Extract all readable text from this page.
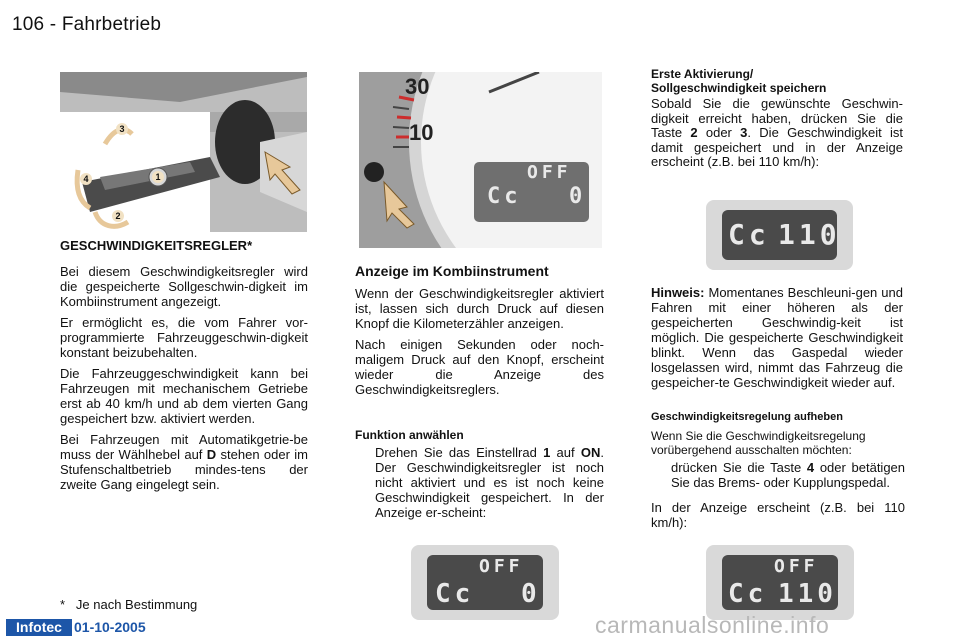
106 - Fahrbetrieb
3
4	1
2
GESCHWINDIGKEITSREGLER*

Bei diesem Geschwindigkeitsregler wird die gespeicherte Sollgeschwin-digkeit im Kombiinstrument angezeigt.

Er ermöglicht es, die vom Fahrer vor-programmierte Fahrzeuggeschwin-digkeit konstant beizubehalten.

Die Fahrzeuggeschwindigkeit kann bei Fahrzeugen mit mechanischem Getriebe erst ab 40 km/h und ab dem vierten Gang gespeichert bzw. aktiviert werden.

Bei Fahrzeugen mit Automatikgetrie-be muss der Wählhebel auf D stehen oder im Stufenschaltbetrieb mindes-tens der zweite Gang eingelegt sein.

*   Je nach Bestimmung
30
10
OFF
Cc 0
Anzeige im Kombiinstrument

Wenn der Geschwindigkeitsregler aktiviert ist, lassen sich durch Druck auf diesen Knopf die Kilometerzähler anzeigen.

Nach einigen Sekunden oder noch-maligem Druck auf den Knopf, erscheint wieder die Anzeige des Geschwindigkeitsreglers.

Funktion anwählen
Drehen Sie das Einstellrad 1 auf ON. Der Geschwindigkeitsregler ist noch nicht aktiviert und es ist noch keine Geschwindigkeit gespeichert. In der Anzeige er-scheint:
OFF
Cc 0
Erste Aktivierung/
Sollgeschwindigkeit speichern
Sobald Sie die gewünschte Geschwin-digkeit erreicht haben, drücken Sie die Taste 2 oder 3. Die Geschwindigkeit ist damit gespeichert und in der Anzeige erscheint (z.B. bei 110 km/h):
Cc 110
Hinweis: Momentanes Beschleuni-gen und Fahren mit einer höheren als der gespeicherten Geschwindig-keit ist möglich. Die gespeicherte Geschwindigkeit blinkt. Wenn das Gaspedal wieder losgelassen wird, nimmt das Fahrzeug die gespeicher-te Geschwindigkeit wieder auf.
Geschwindigkeitsregelung aufheben
Wenn Sie die Geschwindigkeitsregelung vorübergehend ausschalten möchten:
drücken Sie die Taste 4 oder betätigen Sie das Brems- oder Kupplungspedal.
In der Anzeige erscheint (z.B. bei 110 km/h):
OFF
Cc 110
Infotec 01-10-2005	carmanualsonline.info
